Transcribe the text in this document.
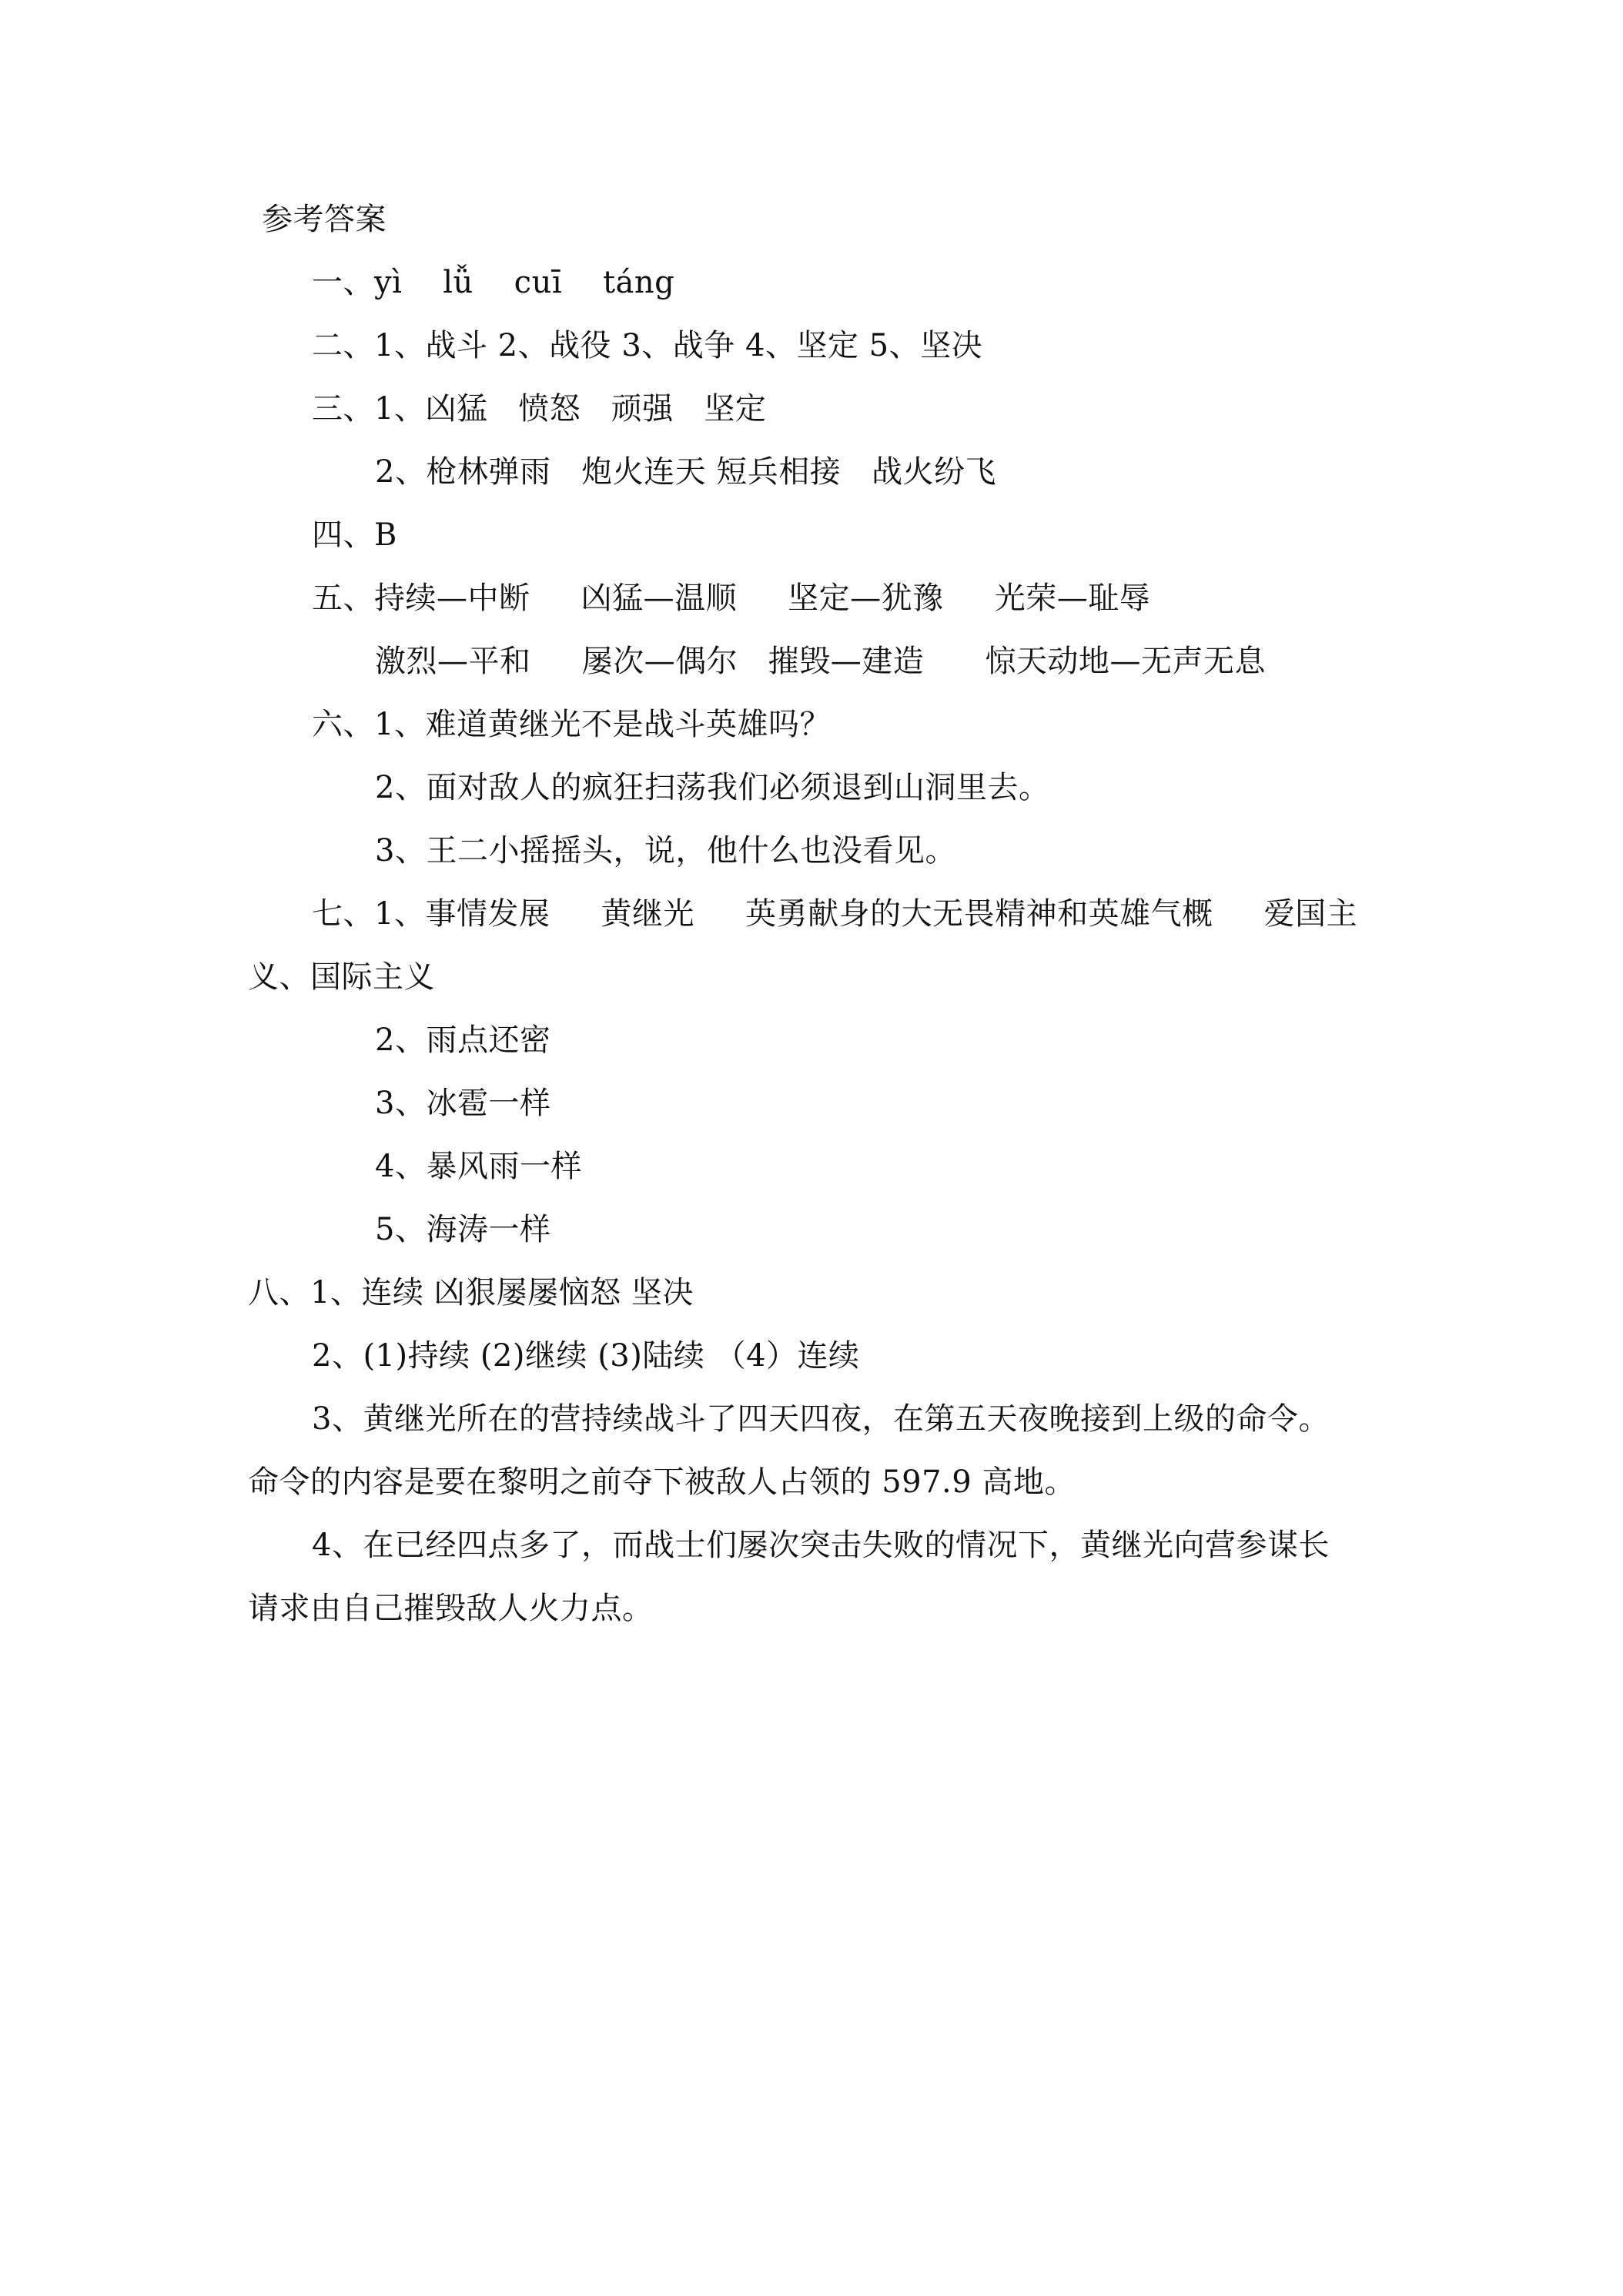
参考答案
一、yì    lǚ    cuī    táng
二、1、战斗 2、战役 3、战争 4、坚定 5、坚决
三、1、凶猛   愤怒   顽强   坚定
2、枪林弹雨   炮火连天 短兵相接   战火纷飞
四、B
五、持续—中断     凶猛—温顺     坚定—犹豫     光荣—耻辱
激烈—平和     屡次—偶尔   摧毁—建造      惊天动地—无声无息
六、1、难道黄继光不是战斗英雄吗？
2、面对敌人的疯狂扫荡我们必须退到山洞里去。
3、王二小摇摇头，说，他什么也没看见。
七、1、事情发展     黄继光     英勇献身的大无畏精神和英雄气概     爱国主
义、国际主义
2、雨点还密
3、冰雹一样
4、暴风雨一样
5、海涛一样
八、1、连续 凶狠屡屡恼怒 坚决
2、(1)持续 (2)继续 (3)陆续 （4）连续
3、黄继光所在的营持续战斗了四天四夜，在第五天夜晚接到上级的命令。
命令的内容是要在黎明之前夺下被敌人占领的 597.9 高地。
4、在已经四点多了，而战士们屡次突击失败的情况下，黄继光向营参谋长
请求由自己摧毁敌人火力点。
